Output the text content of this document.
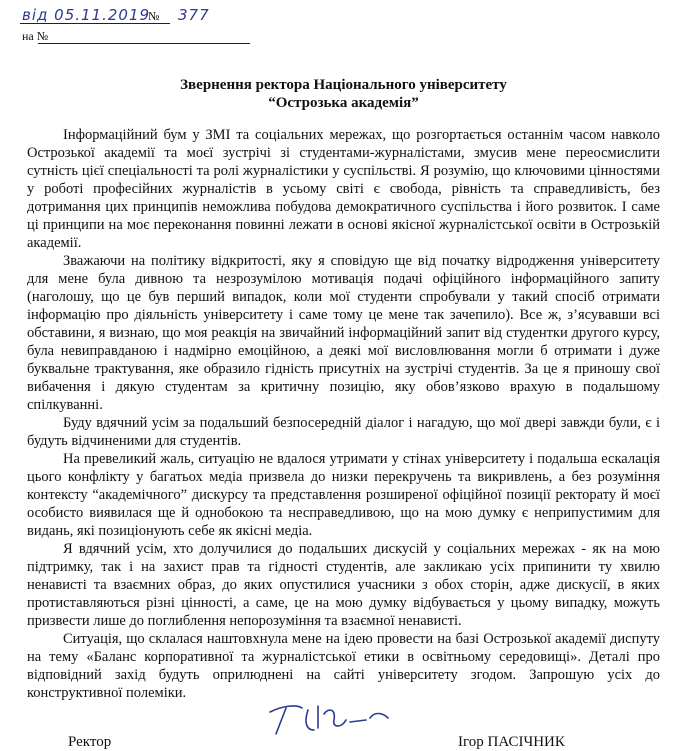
від 05.11.2019
№ 377
на №
Звернення ректора Національного університету
“Острозька академія”

Інформаційний бум у ЗМІ та соціальних мережах, що розгортається останнім часом навколо Острозької академії та моєї зустрічі зі студентами-журналістами, змусив мене переосмислити сутність цієї спеціальності та ролі журналістики у суспільстві. Я розумію, що ключовими цінностями у роботі професійних журналістів в усьому світі є свобода, рівність та справедливість, без дотримання цих принципів неможлива побудова демократичного суспільства і його розвиток. І саме ці принципи на моє переконання повинні лежати в основі якісної журналістської освіти в Острозькій академії.

Зважаючи на політику відкритості, яку я сповідую ще від початку відродження університету для мене була дивною та незрозумілою мотивація подачі офіційного інформаційного запиту (наголошу, що це був перший випадок, коли мої студенти спробували у такий спосіб отримати інформацію про діяльність університету і саме тому це мене так зачепило). Все ж, з’ясувавши всі обставини, я визнаю, що моя реакція на звичайний інформаційний запит від студентки другого курсу, була невиправданою і надмірно емоційною, а деякі мої висловлювання могли б отримати і дуже буквальне трактування, яке образило гідність присутніх на зустрічі студентів. За це я приношу свої вибачення і дякую студентам за критичну позицію, яку обов’язково врахую в подальшому спілкуванні.

Буду вдячний усім за подальший безпосередній діалог і нагадую, що мої двері завжди були, є і будуть відчиненими для студентів.

На превеликий жаль, ситуацію не вдалося утримати у стінах університету і подальша ескалація цього конфлікту у багатьох медіа призвела до низки перекручень та викривлень, а без розуміння контексту “академічного” дискурсу та представлення розширеної офіційної позиції ректорату й моєї особисто виявилася ще й однобокою та несправедливою, що на мою думку є неприпустимим для видань, які позиціонують себе як якісні медіа.

Я вдячний усім, хто долучилися до подальших дискусій у соціальних мережах - як на мою підтримку, так і на захист прав та гідності студентів, але закликаю усіх припинити ту хвилю ненависті та взаємних образ, до яких опустилися учасники з обох сторін, адже дискусії, в яких протиставляються різні цінності, а саме, це на мою думку відбувається у цьому випадку, можуть призвести лише до поглиблення непорозуміння та взаємної ненависті.

Ситуація, що склалася наштовхнула мене на ідею провести на базі Острозької академії диспуту на тему «Баланс корпоративної та журналістської етики в освітньому середовищі». Деталі про відповідний захід будуть оприлюднені на сайті університету згодом. Запрошую усіх до конструктивної полеміки.

Ректор	Ігор ПАСІЧНИК
